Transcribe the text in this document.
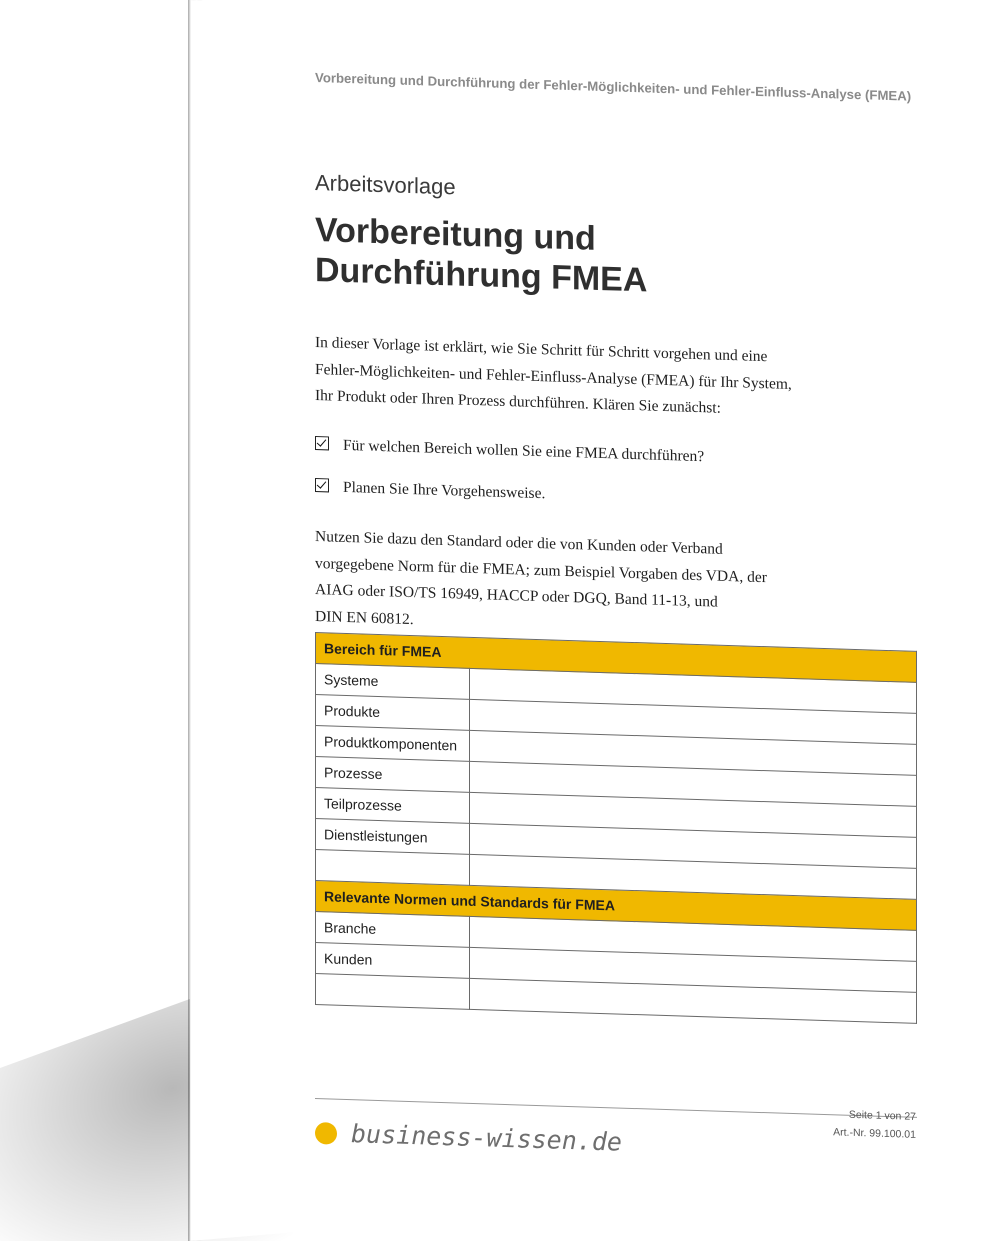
Vorbereitung und Durchführung der Fehler-Möglichkeiten- und Fehler-Einfluss-Analyse (FMEA)
Arbeitsvorlage
Vorbereitung und
Durchführung FMEA
In dieser Vorlage ist erklärt, wie Sie Schritt für Schritt vorgehen und eine
Fehler-Möglichkeiten- und Fehler-Einfluss-Analyse (FMEA) für Ihr System,
Ihr Produkt oder Ihren Prozess durchführen. Klären Sie zunächst:
Für welchen Bereich wollen Sie eine FMEA durchführen?
Planen Sie Ihre Vorgehensweise.
Nutzen Sie dazu den Standard oder die von Kunden oder Verband
vorgegebene Norm für die FMEA; zum Beispiel Vorgaben des VDA, der
AIAG oder ISO/TS 16949, HACCP oder DGQ, Band 11-13, und
DIN EN 60812.
Bereich für FMEA	
Systeme	
Produkte	
Produktkomponenten	
Prozesse	
Teilprozesse	
Dienstleistungen	

Relevante Normen und Standards für FMEA	
Branche	
Kunden	

Seite 1 von 27
Art.-Nr. 99.100.01
business-wissen.de
